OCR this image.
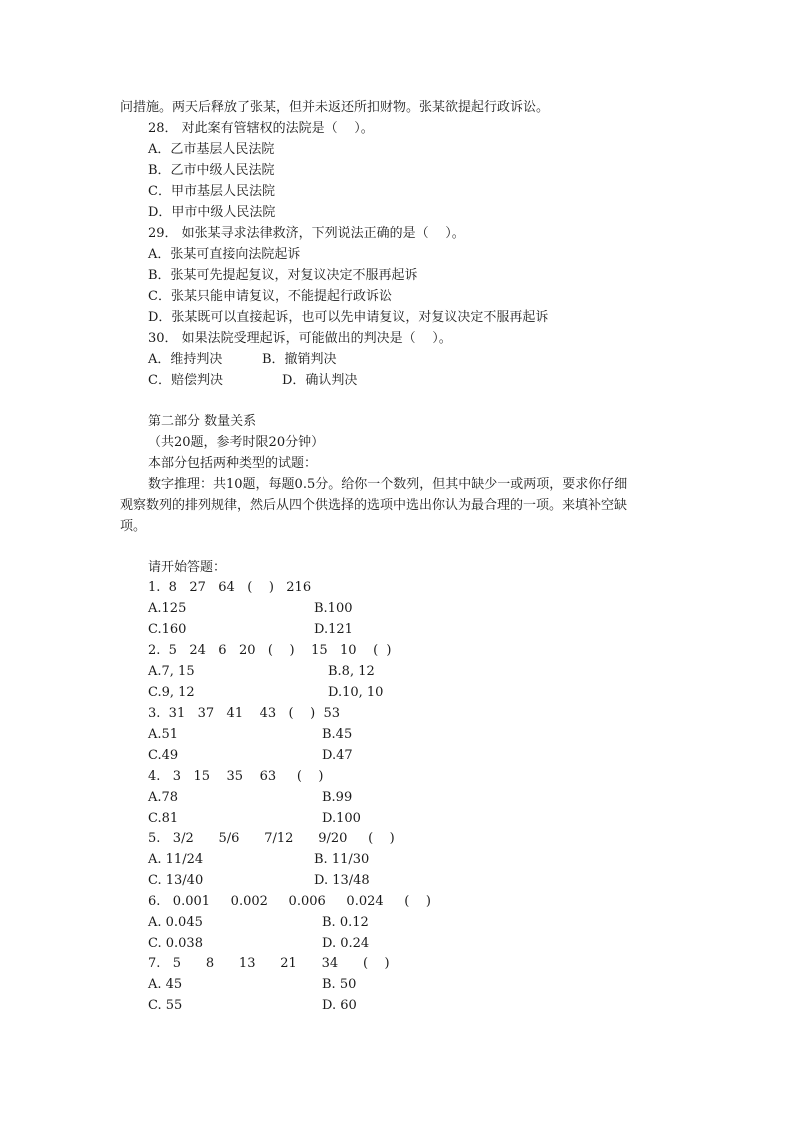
问措施。两天后释放了张某，但并未返还所扣财物。张某欲提起行政诉讼。
28． 对此案有管辖权的法院是（    ）。
A．乙市基层人民法院
B．乙市中级人民法院
C．甲市基层人民法院
D．甲市中级人民法院
29． 如张某寻求法律救济，下列说法正确的是（    ）。
A．张某可直接向法院起诉
B．张某可先提起复议，对复议决定不服再起诉
C．张某只能申请复议，不能提起行政诉讼
D．张某既可以直接起诉，也可以先申请复议，对复议决定不服再起诉
30． 如果法院受理起诉，可能做出的判决是（    ）。
A．维持判决	B．撤销判决
C．赔偿判决	D．确认判决
第二部分 数量关系
（共20题，参考时限20分钟）
本部分包括两种类型的试题：
数字推理：共10题，每题0.5分。给你一个数列，但其中缺少一或两项，要求你仔细
观察数列的排列规律，然后从四个供选择的选项中选出你认为最合理的一项。来填补空缺
项。
请开始答题：
1.  8   27   64   (    )   216
A.125	B.100
C.160	D.121
2.  5   24   6   20   (    )    15   10    (  )
A.7, 15	B.8, 12
C.9, 12	D.10, 10
3.  31   37   41    43   (    )  53
A.51	B.45
C.49	D.47
4.   3   15    35    63     (    )
A.78	B.99
C.81	D.100
5.   3/2      5/6      7/12      9/20     (    )
A. 11/24	B. 11/30
C. 13/40	D. 13/48
6.   0.001     0.002     0.006     0.024     (    )
A. 0.045	B. 0.12
C. 0.038	D. 0.24
7.   5      8      13      21      34      (    )
A. 45	B. 50
C. 55	D. 60
